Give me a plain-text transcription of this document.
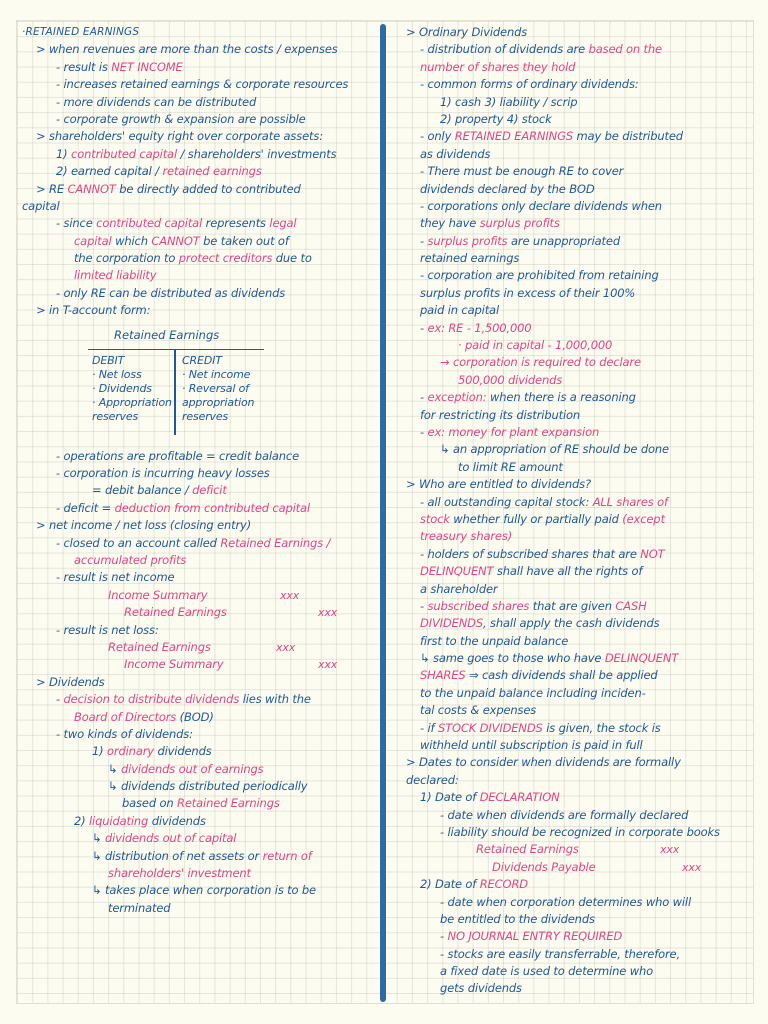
·RETAINED EARNINGS
> when revenues are more than the costs / expenses
- result is NET INCOME
- increases retained earnings & corporate resources
- more dividends can be distributed
- corporate growth & expansion are possible
> shareholders' equity right over corporate assets:
1) contributed capital / shareholders' investments
2) earned capital / retained earnings
> RE CANNOT be directly added to contributed
capital
- since contributed capital represents legal
capital which CANNOT be taken out of
the corporation to protect creditors due to
limited liability
- only RE can be distributed as dividends
> in T-account form:
Retained Earnings
DEBIT
· Net loss
· Dividends
· Appropriation
reserves
CREDIT
· Net income
· Reversal of
appropriation
reserves
- operations are profitable = credit balance
- corporation is incurring heavy losses
= debit balance / deficit
- deficit = deduction from contributed capital
> net income / net loss (closing entry)
- closed to an account called Retained Earnings /
accumulated profits
- result is net income
Income Summary	xxx
Retained Earnings	xxx
- result is net loss:
Retained Earnings	xxx
Income Summary	xxx
> Dividends
- decision to distribute dividends lies with the
Board of Directors (BOD)
- two kinds of dividends:
1) ordinary dividends
↳ dividends out of earnings
↳ dividends distributed periodically
based on Retained Earnings
2) liquidating dividends
↳ dividends out of capital
↳ distribution of net assets or return of
shareholders' investment
↳ takes place when corporation is to be
terminated
> Ordinary Dividends
- distribution of dividends are based on the
number of shares they hold
- common forms of ordinary dividends:
1) cash 3) liability / scrip
2) property 4) stock
- only RETAINED EARNINGS may be distributed
as dividends
- There must be enough RE to cover
dividends declared by the BOD
- corporations only declare dividends when
they have surplus profits
- surplus profits are unappropriated
retained earnings
- corporation are prohibited from retaining
surplus profits in excess of their 100%
paid in capital
- ex: RE - 1,500,000
· paid in capital - 1,000,000
→ corporation is required to declare
500,000 dividends
- exception: when there is a reasoning
for restricting its distribution
- ex: money for plant expansion
↳ an appropriation of RE should be done
to limit RE amount
> Who are entitled to dividends?
- all outstanding capital stock: ALL shares of
stock whether fully or partially paid (except
treasury shares)
- holders of subscribed shares that are NOT
DELINQUENT shall have all the rights of
a shareholder
- subscribed shares that are given CASH
DIVIDENDS, shall apply the cash dividends
first to the unpaid balance
↳ same goes to those who have DELINQUENT
SHARES ⇒ cash dividends shall be applied
to the unpaid balance including inciden-
tal costs & expenses
- if STOCK DIVIDENDS is given, the stock is
withheld until subscription is paid in full
> Dates to consider when dividends are formally
declared:
1) Date of DECLARATION
- date when dividends are formally declared
- liability should be recognized in corporate books
Retained Earnings	xxx
Dividends Payable	xxx
2) Date of RECORD
- date when corporation determines who will
be entitled to the dividends
- NO JOURNAL ENTRY REQUIRED
- stocks are easily transferrable, therefore,
a fixed date is used to determine who
gets dividends
